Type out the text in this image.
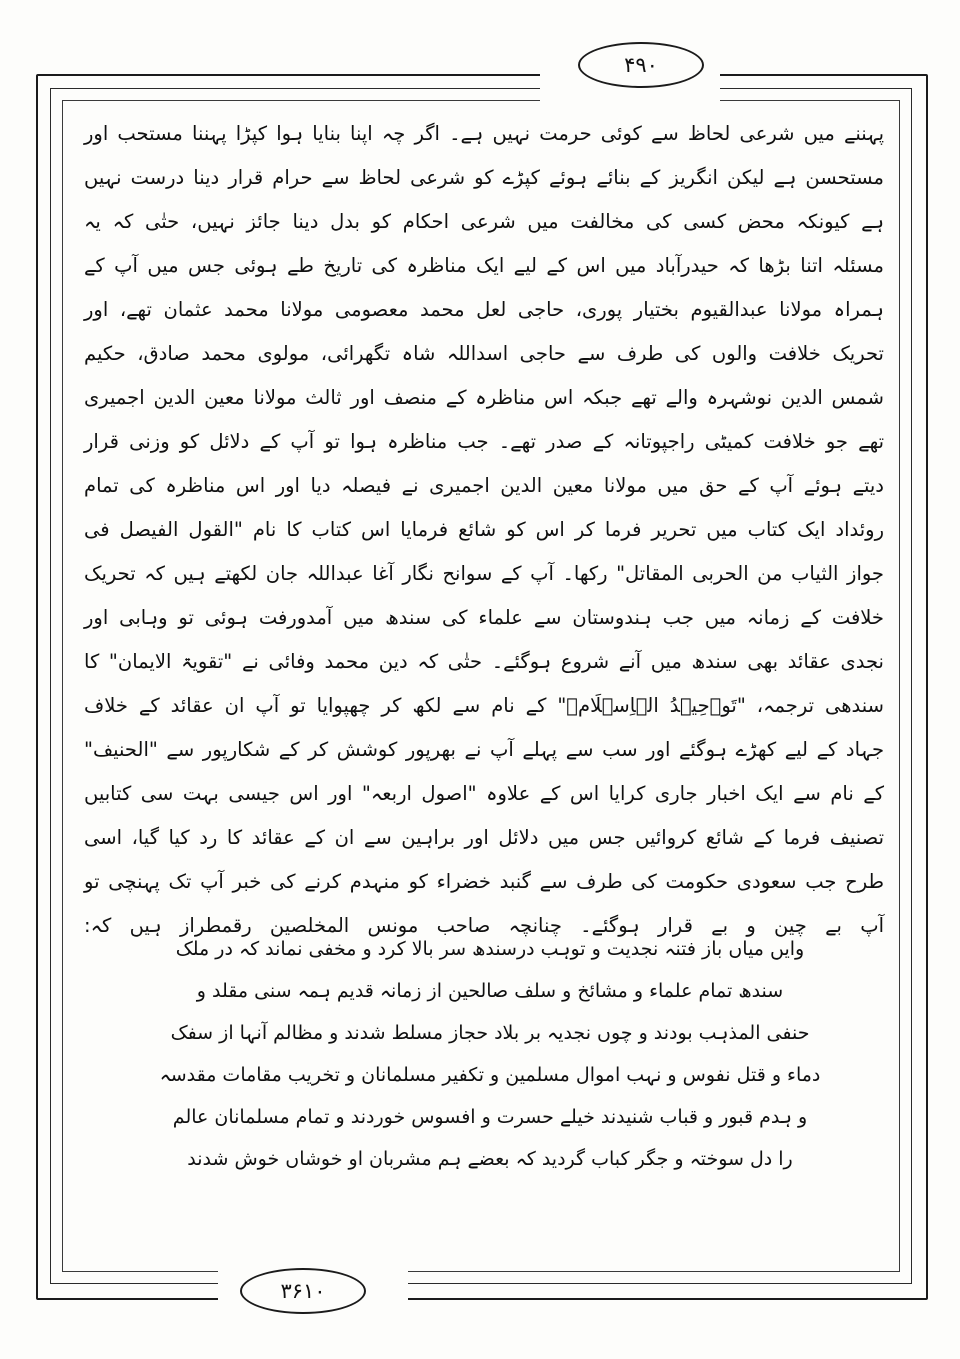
۴۹۰

پہننے میں شرعی لحاظ سے کوئی حرمت نہیں ہے۔ اگر چہ اپنا بنایا ہوا کپڑا پہننا مستحب اور مستحسن ہے لیکن انگریز کے بنائے ہوئے کپڑے کو شرعی لحاظ سے حرام قرار دینا درست نہیں ہے کیونکہ محض کسی کی مخالفت میں شرعی احکام کو بدل دینا جائز نہیں، حتٰی کہ یہ مسئلہ اتنا بڑھا کہ حیدرآباد میں اس کے لیے ایک مناظرہ کی تاریخ طے ہوئی جس میں آپ کے ہمراہ مولانا عبدالقیوم بختیار پوری، حاجی لعل محمد معصومی مولانا محمد عثمان تھے، اور تحریک خلافت والوں کی طرف سے حاجی اسداللہ شاہ تگھرائی، مولوی محمد صادق، حکیم شمس الدین نوشہرہ والے تھے جبکہ اس مناظرہ کے منصف اور ثالث مولانا معین الدین اجمیری تھے جو خلافت کمیٹی راجپوتانہ کے صدر تھے۔ جب مناظرہ ہوا تو آپ کے دلائل کو وزنی قرار دیتے ہوئے آپ کے حق میں مولانا معین الدین اجمیری نے فیصلہ دیا اور اس مناظرہ کی تمام روئداد ایک کتاب میں تحریر فرما کر اس کو شائع فرمایا اس کتاب کا نام "القول الفیصل فی جواز الثیاب من الحربی المقاتل" رکھا۔ آپ کے سوانح نگار آغا عبداللہ جان لکھتے ہیں کہ تحریک خلافت کے زمانہ میں جب ہندوستان سے علماء کی سندھ میں آمدورفت ہوئی تو وہابی اور نجدی عقائد بھی سندھ میں آنے شروع ہوگئے۔ حتٰی کہ دین محمد وفائی نے "تقویۃ الایمان" کا سندھی ترجمہ، "تَوۡحِیۡدُ الۡاِسۡلَامۡ" کے نام سے لکھ کر چھپوایا تو آپ ان عقائد کے خلاف جہاد کے لیے کھڑے ہوگئے اور سب سے پہلے آپ نے بھرپور کوشش کر کے شکارپور سے "الحنیف" کے نام سے ایک اخبار جاری کرایا اس کے علاوہ "اصول اربعہ" اور اس جیسی بہت سی کتابیں تصنیف فرما کے شائع کروائیں جس میں دلائل اور براہین سے ان کے عقائد کا رد کیا گیا، اسی طرح جب سعودی حکومت کی طرف سے گنبد خضراء کو منہدم کرنے کی خبر آپ تک پہنچی تو آپ بے چین و بے قرار ہوگئے۔ چنانچہ صاحب مونس المخلصین رقمطراز ہیں کہ:

وایں میاں باز فتنہ نجدیت و توہب درسندھ سر بالا کرد و مخفی نماند کہ در ملک

سندھ تمام علماء و مشائخ و سلف صالحین از زمانہ قدیم ہمہ سنی مقلد و

حنفی المذہب بودند و چوں نجدیہ بر بلاد حجاز مسلط شدند و مظالم آنہا از سفک

دماء و قتل نفوس و نہب اموال مسلمین و تکفیر مسلمانان و تخریب مقامات مقدسہ

و ہدم قبور و قباب شنیدند خیلے حسرت و افسوس خوردند و تمام مسلمانان عالم

را دل سوختہ و جگر کباب گردید کہ بعضے ہم مشربان او خوشاں خوش شدند

۳۶۱۰
